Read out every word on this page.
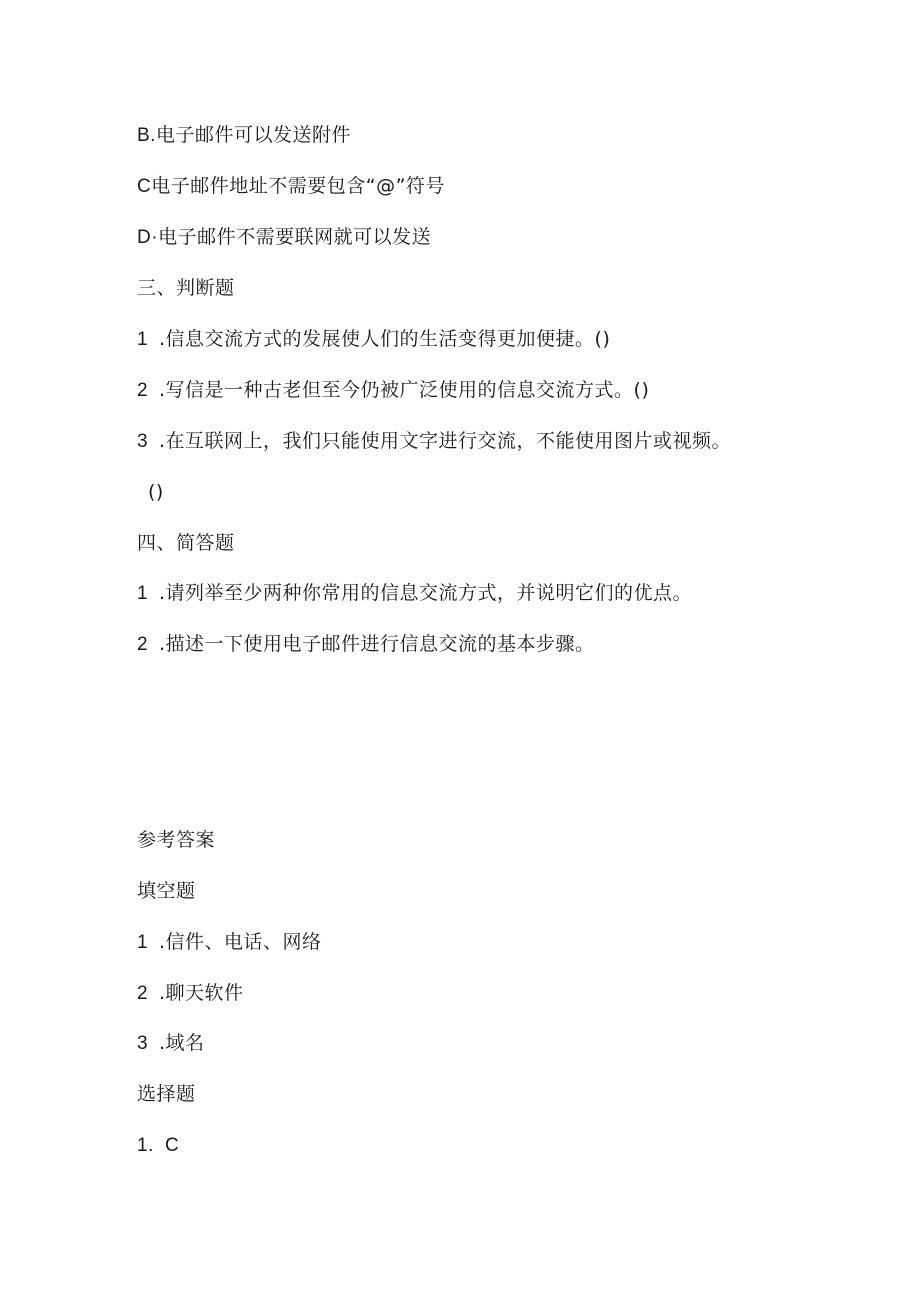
B.电子邮件可以发送附件
C电子邮件地址不需要包含“@”符号
D·电子邮件不需要联网就可以发送
三、判断题
1 .信息交流方式的发展使人们的生活变得更加便捷。()
2 .写信是一种古老但至今仍被广泛使用的信息交流方式。()
3 .在互联网上，我们只能使用文字进行交流，不能使用图片或视频。
()
四、简答题
1 .请列举至少两种你常用的信息交流方式，并说明它们的优点。
2 .描述一下使用电子邮件进行信息交流的基本步骤。
参考答案
填空题
1 .信件、电话、网络
2 .聊天软件
3 .域名
选择题
1. C
